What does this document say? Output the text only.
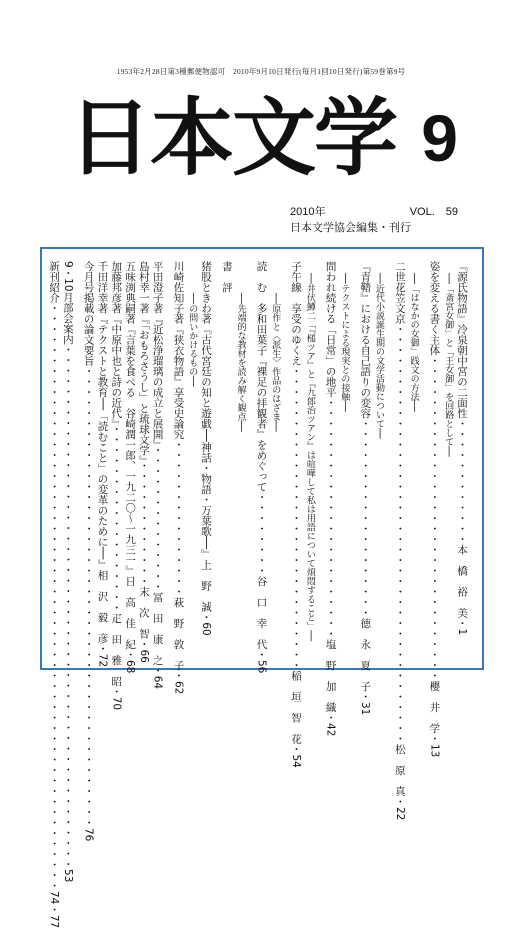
1953年2月28日第3種郵便物認可　2010年9月10日発行(毎月1回10日発行)第59巻第9号
日本文学 9
2010年	VOL.　59
日本文学協会編集・刊行
『源氏物語』冷泉朝中宮の二面性・・・・・・・・・・・・本　橋　裕　美・1
──「斎宮女御」と「王女御」を回路として──
姿を変える書く主体・・・・・・・・・・・・・・・・・・・・・・・・・・・・・・・櫻　井　学・13
──「はなかの女御」践文の方法──
二世花笠文京・・・・・・・・・・・・・・・・・・・・・・・・・・・・・・・・・・・・・・・・松　原　真・22
──近代小説誕生期の文学活動について──
『青鞜』における自己語りの変容・・・・・・・・・・・・・・・・・・・徳　永　夏　子・31
──テクストによる現実との接触──
問われ続ける「日常」の地平・・・・・・・・・・・・・・・・・・・・・・・塩　野　加　織・42
──井伏鱒二「『槌ツア』と『九郎治ツアン』は喧嘩して私は用語について煩悶すること」──
子午線　享受のゆくえ・・・・・・・・・・・・・・・・・・・・・・・・・・・・・稲　垣　智　花・54
──原作と〈派生〉作品のはざま──
読　む　多和田葉子『裸足の拝観者』をめぐって・・・・・・・・谷　口　幸　代・56
──先端的な教材を読み解く観点──
書　評
猪股ときわ著『古代宮廷の知と遊戯──神話・物語・万葉歌──』上　野　誠・60
──の問いかけるもの──
川崎佐知子著『狭衣物語』享受史論究・・・・・・・・・・・・・・・萩　野　敦　子・62
平田澄子著『近松浄瑠璃の成立と展開』・・・・・・・・・・・・・・冨　田　康　之・64
島村幸一著『「おもろさうし」と琉球文学』・・・・・・・・・・・・末　次　智・66
五味渕典嗣著『言葉を食べる　谷崎潤一郎、一九二〇～一九三一』日　高　佳　紀・68
加藤邦彦著『中原中也と詩の近代』・・・・・・・・・・・・・・・・・・疋　田　雅　昭・70
千田洋幸著『テクストと教育──「読むこと」の変革のために──』相　沢　毅　彦・72
今月号掲載の論文要旨・・・・・・・・・・・・・・・・・・・・・・・・・・・・・・・・・・・・・・・・・・・・76
9・10月部会案内・・・・・・・・・・・・・・・・・・・・・・・・・・・・・・・・・・・・・・・・・・・・・・・・・・53
新刊紹介・・・・・・・・・・・・・・・・・・・・・・・・・・・・・・・・・・・・・・・・・・・・・・・・・・・・・・・・74・77
